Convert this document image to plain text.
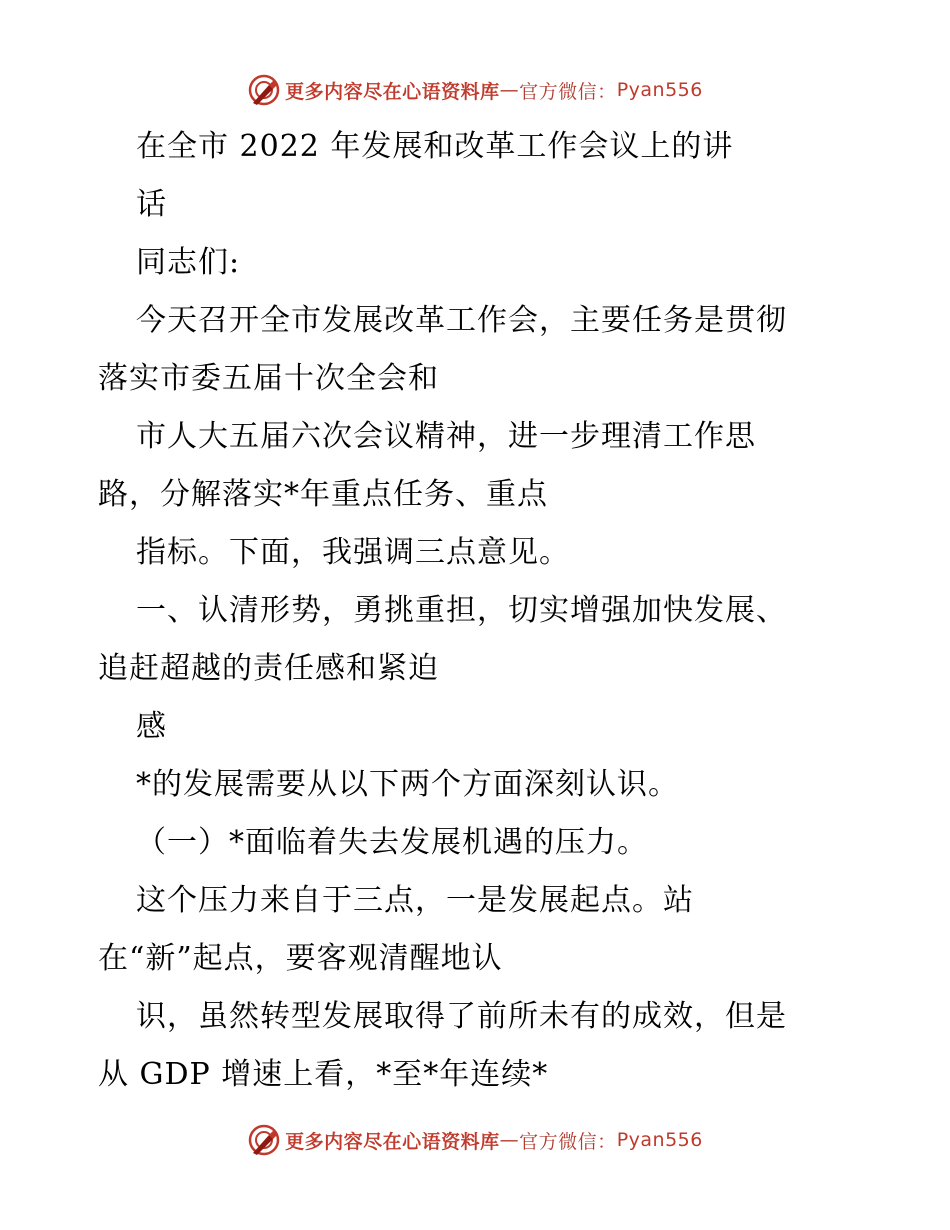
更多内容尽在心语资料库 — 官方微信： Pyan556
在全市 2022 年发展和改革工作会议上的讲
话
同志们:
今天召开全市发展改革工作会，主要任务是贯彻
落实市委五届十次全会和
市人大五届六次会议精神，进一步理清工作思
路，分解落实*年重点任务、重点
指标。下面，我强调三点意见。
一、认清形势，勇挑重担，切实增强加快发展、
追赶超越的责任感和紧迫
感
*的发展需要从以下两个方面深刻认识。
（一）*面临着失去发展机遇的压力。
这个压力来自于三点，一是发展起点。站
在“新”起点，要客观清醒地认
识，虽然转型发展取得了前所未有的成效，但是
从 GDP 增速上看，*至*年连续*
更多内容尽在心语资料库 — 官方微信： Pyan556
